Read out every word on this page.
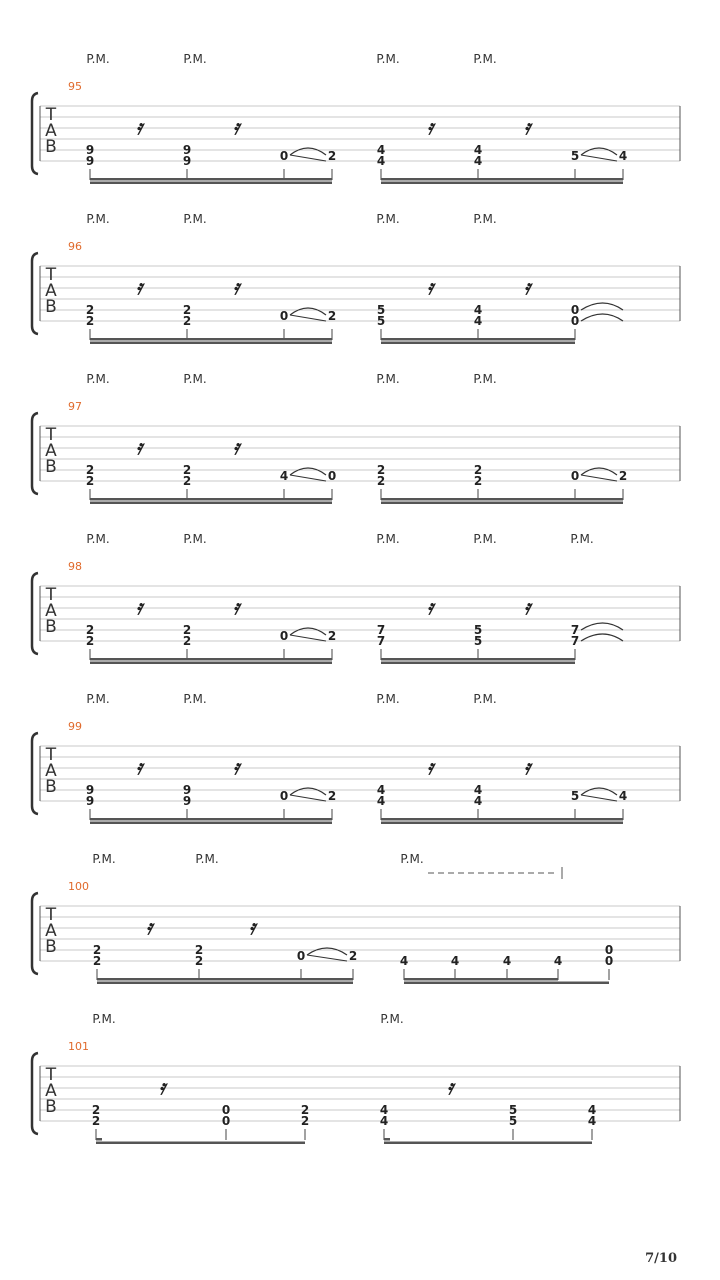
T
A
B
95
P.M.	P.M.	P.M.	P.M.
9
9
9
9	0	2	4
4
4
4	5	4
𝄿	𝄿	𝄿	𝄿
T
A
B
96
P.M.	P.M.	P.M.	P.M.
2
2
2
2	0	2	5
5
4
4
0
0
𝄿	𝄿	𝄿	𝄿
T
A
B
97
P.M.	P.M.	P.M.	P.M.
2
2
2
2	4	0	2
2
2
2	0	2
𝄿	𝄿
T
A
B
98
P.M.	P.M.	P.M.	P.M.	P.M.
2
2
2
2	0	2	7
7
5
5
7
7
𝄿	𝄿	𝄿	𝄿
T
A
B
99
P.M.	P.M.	P.M.	P.M.
9
9
9
9	0	2	4
4
4
4	5	4
𝄿	𝄿	𝄿	𝄿
T
A
B
100
P.M.	P.M.	P.M.
2
2
2
2	0	2	4	4	4	4
0
0
𝄿	𝄿
T
A
B
101
P.M.	P.M.
2
2
0
0
2
2
4
4
5
5
4
4
𝄿	𝄿
7/10
